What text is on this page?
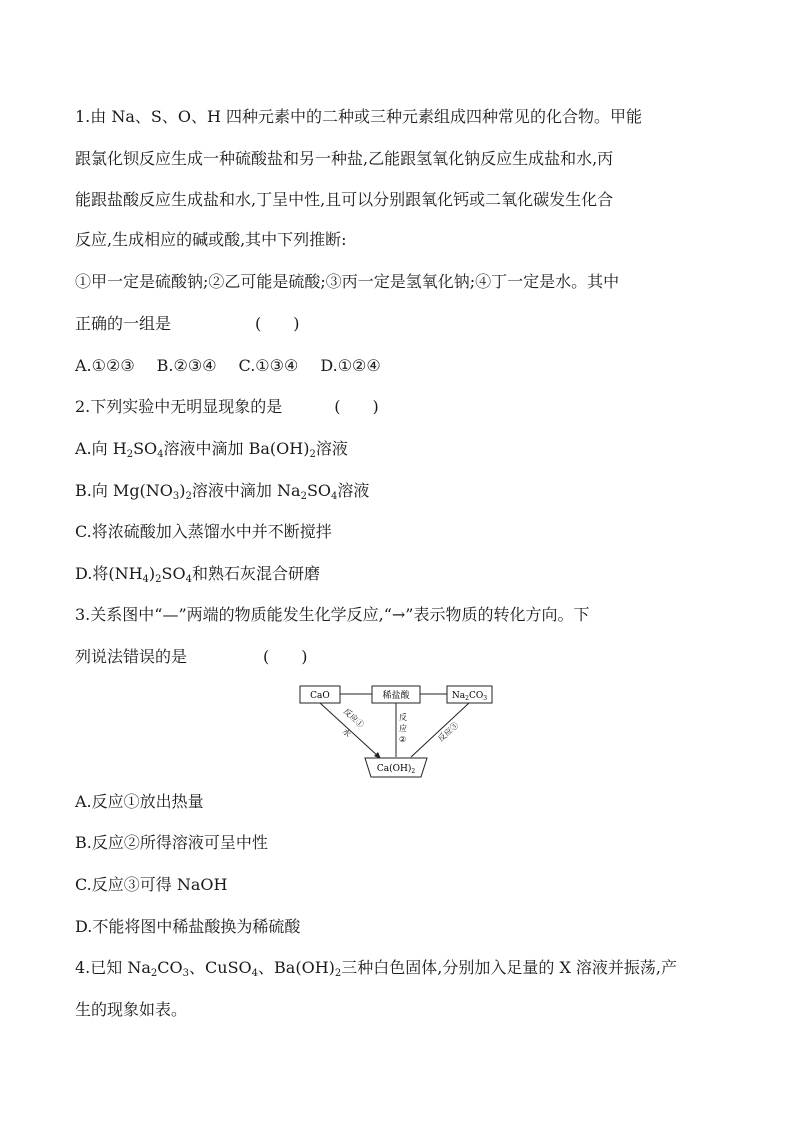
1.由 Na、S、O、H 四种元素中的二种或三种元素组成四种常见的化合物。甲能
跟氯化钡反应生成一种硫酸盐和另一种盐,乙能跟氢氧化钠反应生成盐和水,丙
能跟盐酸反应生成盐和水,丁呈中性,且可以分别跟氧化钙或二氧化碳发生化合
反应,生成相应的碱或酸,其中下列推断:
①甲一定是硫酸钠;②乙可能是硫酸;③丙一定是氢氧化钠;④丁一定是水。其中
正确的一组是	(　　)
A.①②③ B.②③④ C.①③④ D.①②④
2.下列实验中无明显现象的是	(　　)
A.向 $H_2SO_4$溶液中滴加 $Ba(OH)_2$溶液
B.向 $Mg(NO_3)_2$溶液中滴加 $Na_2SO_4$溶液
C.将浓硫酸加入蒸馏水中并不断搅拌
D.将$(NH_4)_2SO_4$和熟石灰混合研磨
3.关系图中“—”两端的物质能发生化学反应,“→”表示物质的转化方向。下
列说法错误的是	(　　)
CaO	稀盐酸	$Na_2CO_3$
$Ca(OH)_2$
水
反应①
反
应
②	反应③
A.反应①放出热量
B.反应②所得溶液可呈中性
C.反应③可得 NaOH
D.不能将图中稀盐酸换为稀硫酸
4.已知 $Na_2CO_3$、CuSO$_4$、$Ba(OH)_2$三种白色固体,分别加入足量的 X 溶液并振荡,产
生的现象如表。
